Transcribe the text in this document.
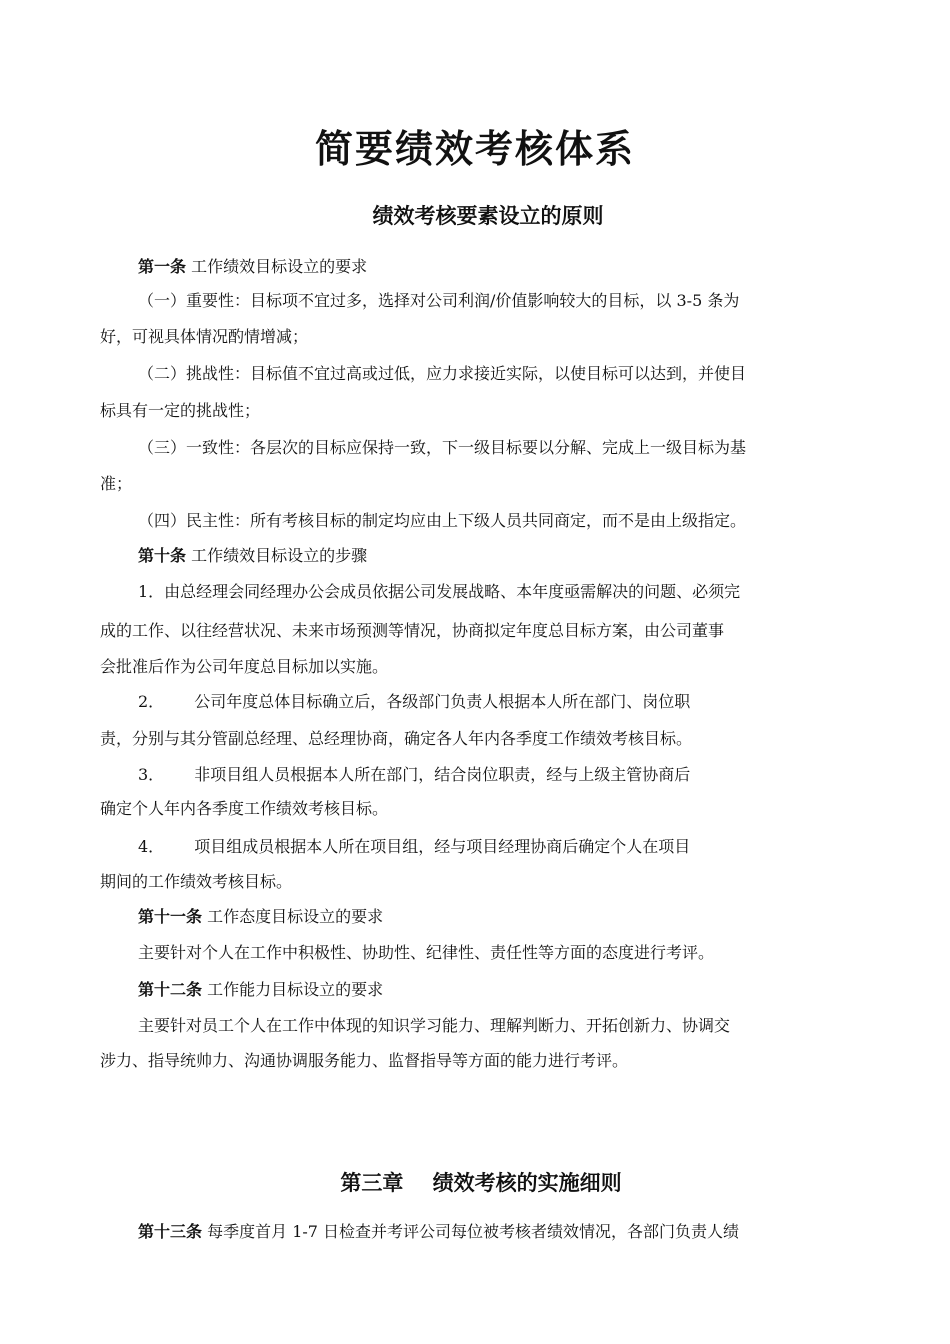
简要绩效考核体系
绩效考核要素设立的原则
第一条 工作绩效目标设立的要求
（一）重要性：目标项不宜过多，选择对公司利润/价值影响较大的目标，以 3-5 条为
好，可视具体情况酌情增减；
（二）挑战性：目标值不宜过高或过低，应力求接近实际，以使目标可以达到，并使目
标具有一定的挑战性；
（三）一致性：各层次的目标应保持一致，下一级目标要以分解、完成上一级目标为基
准；
（四）民主性：所有考核目标的制定均应由上下级人员共同商定，而不是由上级指定。
第十条 工作绩效目标设立的步骤
1．由总经理会同经理办公会成员依据公司发展战略、本年度亟需解决的问题、必须完
成的工作、以往经营状况、未来市场预测等情况，协商拟定年度总目标方案，由公司董事
会批准后作为公司年度总目标加以实施。
2． 公司年度总体目标确立后，各级部门负责人根据本人所在部门、岗位职
责，分别与其分管副总经理、总经理协商，确定各人年内各季度工作绩效考核目标。
3． 非项目组人员根据本人所在部门，结合岗位职责，经与上级主管协商后
确定个人年内各季度工作绩效考核目标。
4． 项目组成员根据本人所在项目组，经与项目经理协商后确定个人在项目
期间的工作绩效考核目标。
第十一条 工作态度目标设立的要求
主要针对个人在工作中积极性、协助性、纪律性、责任性等方面的态度进行考评。
第十二条 工作能力目标设立的要求
主要针对员工个人在工作中体现的知识学习能力、理解判断力、开拓创新力、协调交
涉力、指导统帅力、沟通协调服务能力、监督指导等方面的能力进行考评。
第三章    绩效考核的实施细则
第十三条 每季度首月 1-7 日检查并考评公司每位被考核者绩效情况，各部门负责人绩
